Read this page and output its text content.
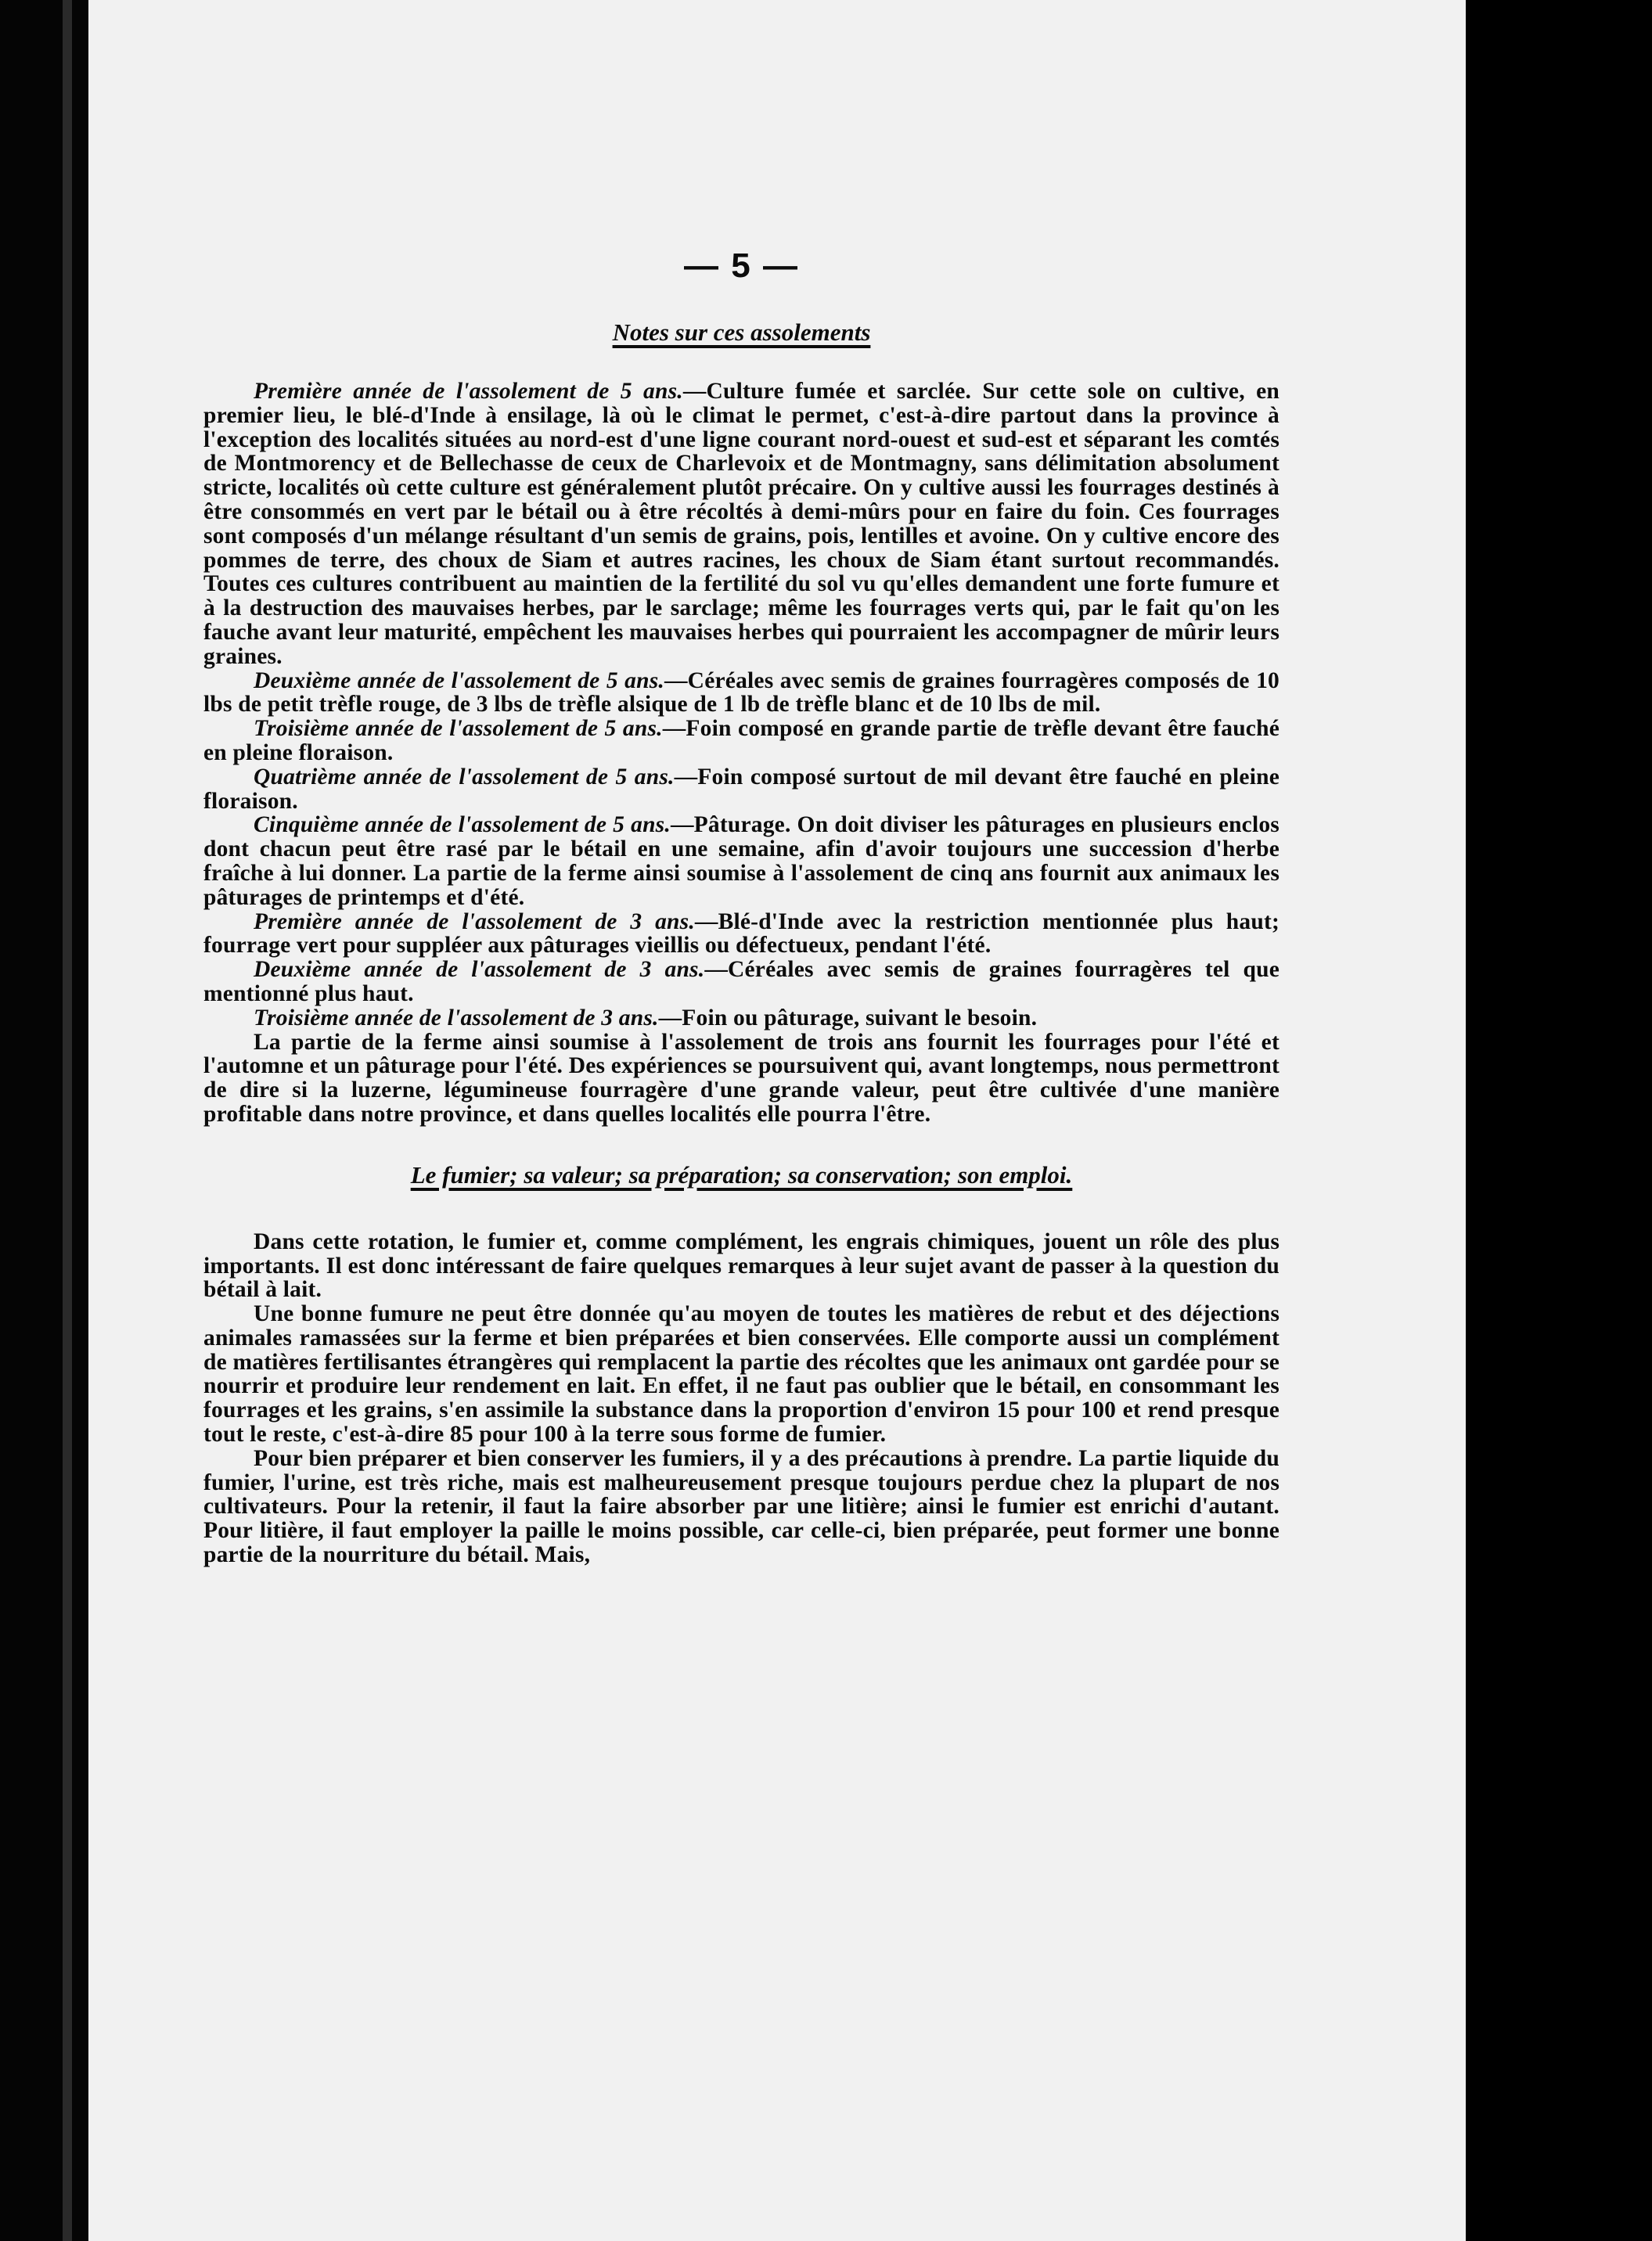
— 5 —
Notes sur ces assolements

Première année de l'assolement de 5 ans.—Culture fumée et sarclée. Sur cette sole on cultive, en premier lieu, le blé-d'Inde à ensilage, là où le climat le permet, c'est-à-dire partout dans la province à l'exception des localités situées au nord-est d'une ligne courant nord-ouest et sud-est et séparant les comtés de Montmorency et de Bellechasse de ceux de Charlevoix et de Montmagny, sans délimitation absolument stricte, localités où cette culture est généralement plutôt précaire. On y cultive aussi les fourrages destinés à être consommés en vert par le bétail ou à être récoltés à demi-mûrs pour en faire du foin. Ces fourrages sont composés d'un mélange résultant d'un semis de grains, pois, lentilles et avoine. On y cultive encore des pommes de terre, des choux de Siam et autres racines, les choux de Siam étant surtout recommandés. Toutes ces cultures contribuent au maintien de la fertilité du sol vu qu'elles demandent une forte fumure et à la destruction des mauvaises herbes, par le sarclage; même les fourrages verts qui, par le fait qu'on les fauche avant leur maturité, empêchent les mauvaises herbes qui pourraient les accompagner de mûrir leurs graines.

Deuxième année de l'assolement de 5 ans.—Céréales avec semis de graines fourragères composés de 10 lbs de petit trèfle rouge, de 3 lbs de trèfle alsique de 1 lb de trèfle blanc et de 10 lbs de mil.

Troisième année de l'assolement de 5 ans.—Foin composé en grande partie de trèfle devant être fauché en pleine floraison.

Quatrième année de l'assolement de 5 ans.—Foin composé surtout de mil devant être fauché en pleine floraison.

Cinquième année de l'assolement de 5 ans.—Pâturage. On doit diviser les pâturages en plusieurs enclos dont chacun peut être rasé par le bétail en une semaine, afin d'avoir toujours une succession d'herbe fraîche à lui donner. La partie de la ferme ainsi soumise à l'assolement de cinq ans fournit aux animaux les pâturages de printemps et d'été.

Première année de l'assolement de 3 ans.—Blé-d'Inde avec la restriction mentionnée plus haut; fourrage vert pour suppléer aux pâturages vieillis ou défectueux, pendant l'été.

Deuxième année de l'assolement de 3 ans.—Céréales avec semis de graines fourragères tel que mentionné plus haut.

Troisième année de l'assolement de 3 ans.—Foin ou pâturage, suivant le besoin.

La partie de la ferme ainsi soumise à l'assolement de trois ans fournit les fourrages pour l'été et l'automne et un pâturage pour l'été. Des expériences se poursuivent qui, avant longtemps, nous permettront de dire si la luzerne, légumineuse fourragère d'une grande valeur, peut être cultivée d'une manière profitable dans notre province, et dans quelles localités elle pourra l'être.

Le fumier; sa valeur; sa préparation; sa conservation; son emploi.

Dans cette rotation, le fumier et, comme complément, les engrais chimiques, jouent un rôle des plus importants. Il est donc intéressant de faire quelques remarques à leur sujet avant de passer à la question du bétail à lait.

Une bonne fumure ne peut être donnée qu'au moyen de toutes les matières de rebut et des déjections animales ramassées sur la ferme et bien préparées et bien conservées. Elle comporte aussi un complément de matières fertilisantes étrangères qui remplacent la partie des récoltes que les animaux ont gardée pour se nourrir et produire leur rendement en lait. En effet, il ne faut pas oublier que le bétail, en consommant les fourrages et les grains, s'en assimile la substance dans la proportion d'environ 15 pour 100 et rend presque tout le reste, c'est-à-dire 85 pour 100 à la terre sous forme de fumier.

Pour bien préparer et bien conserver les fumiers, il y a des précautions à prendre. La partie liquide du fumier, l'urine, est très riche, mais est malheureusement presque toujours perdue chez la plupart de nos cultivateurs. Pour la retenir, il faut la faire absorber par une litière; ainsi le fumier est enrichi d'autant. Pour litière, il faut employer la paille le moins possible, car celle-ci, bien préparée, peut former une bonne partie de la nourriture du bétail. Mais,
